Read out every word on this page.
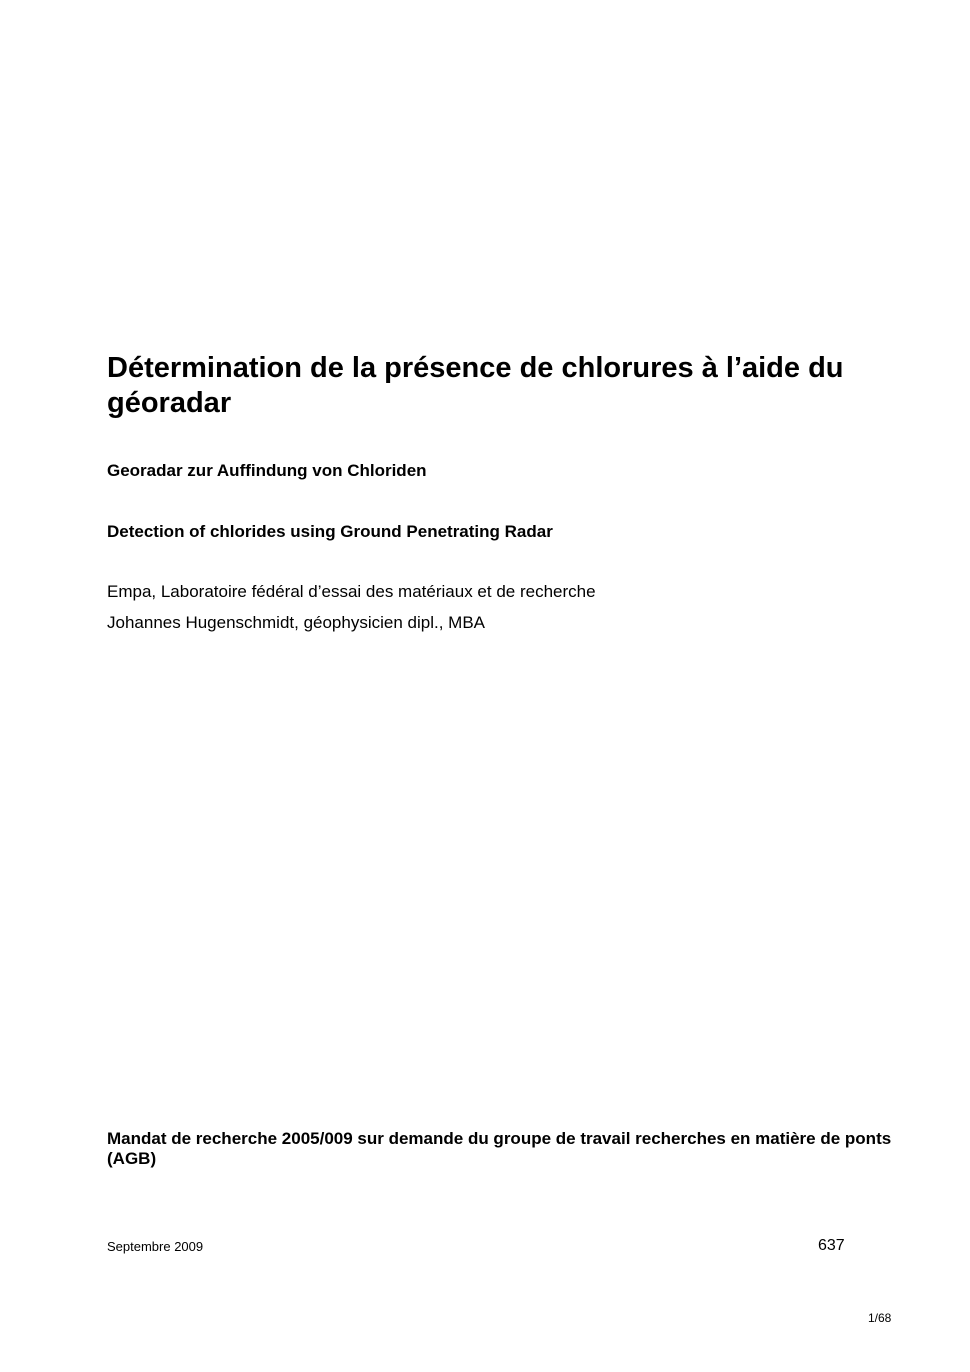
Détermination de la présence de chlorures à l’aide du géoradar

Georadar zur Auffindung von Chloriden

Detection of chlorides using Ground Penetrating Radar

Empa, Laboratoire fédéral d’essai des matériaux et de recherche
Johannes Hugenschmidt, géophysicien dipl., MBA

Mandat de recherche 2005/009 sur demande du groupe de travail recherches en matière de ponts (AGB)

Septembre 2009	637
1/68
